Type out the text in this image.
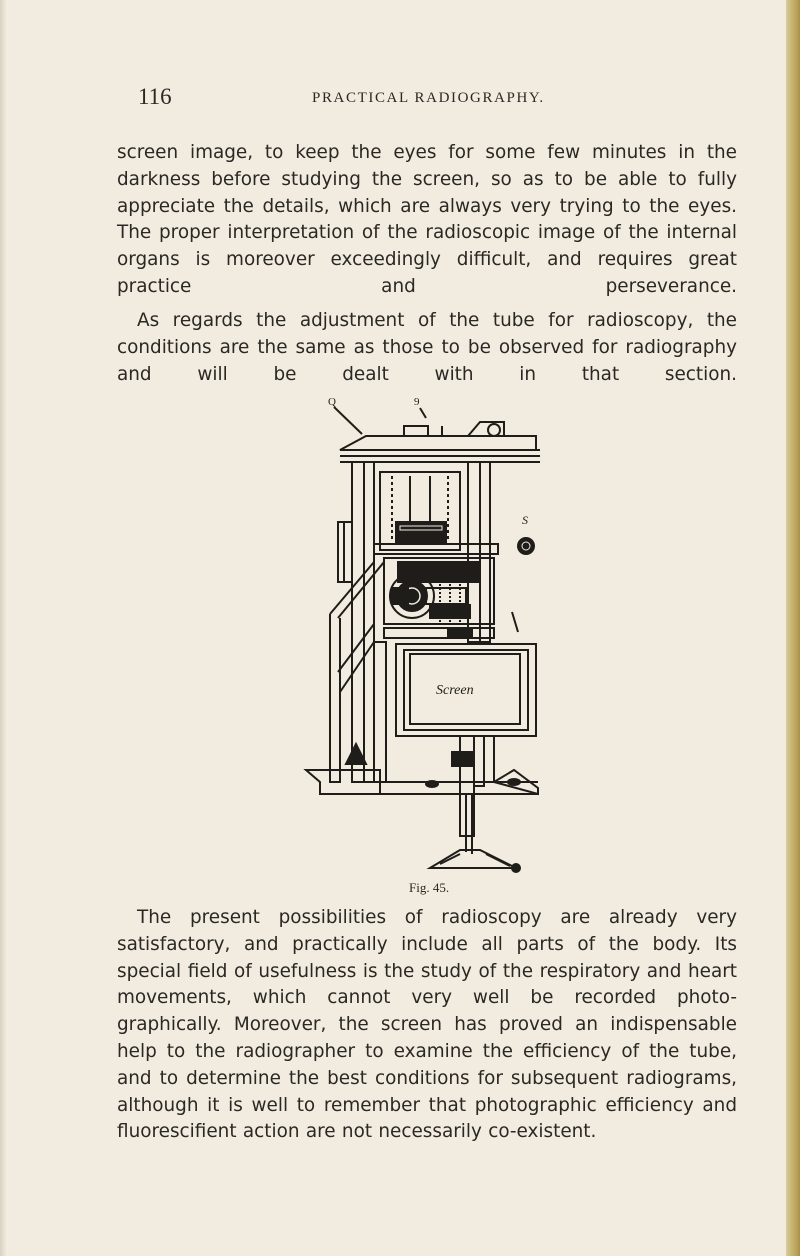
116	PRACTICAL RADIOGRAPHY.

screen image, to keep the eyes for some few minutes in the darkness before studying the screen, so as to be able to fully appreciate the details, which are always very trying to the eyes. The proper interpretation of the radioscopic image of the internal organs is moreover exceedingly difficult, and requires great practice and perseverance.

As regards the adjustment of the tube for radioscopy, the conditions are the same as those to be observed for radiography and will be dealt with in that section.

Q	9
S
Screen
Fig. 45.

The present possibilities of radioscopy are already very satisfactory, and practically include all parts of the body. Its special field of usefulness is the study of the respiratory and heart movements, which cannot very well be recorded photo-graphically. Moreover, the screen has proved an indispensable help to the radiographer to examine the efficiency of the tube, and to determine the best conditions for subsequent radiograms, although it is well to remember that photographic efficiency and fluorescifient action are not necessarily co-existent.
